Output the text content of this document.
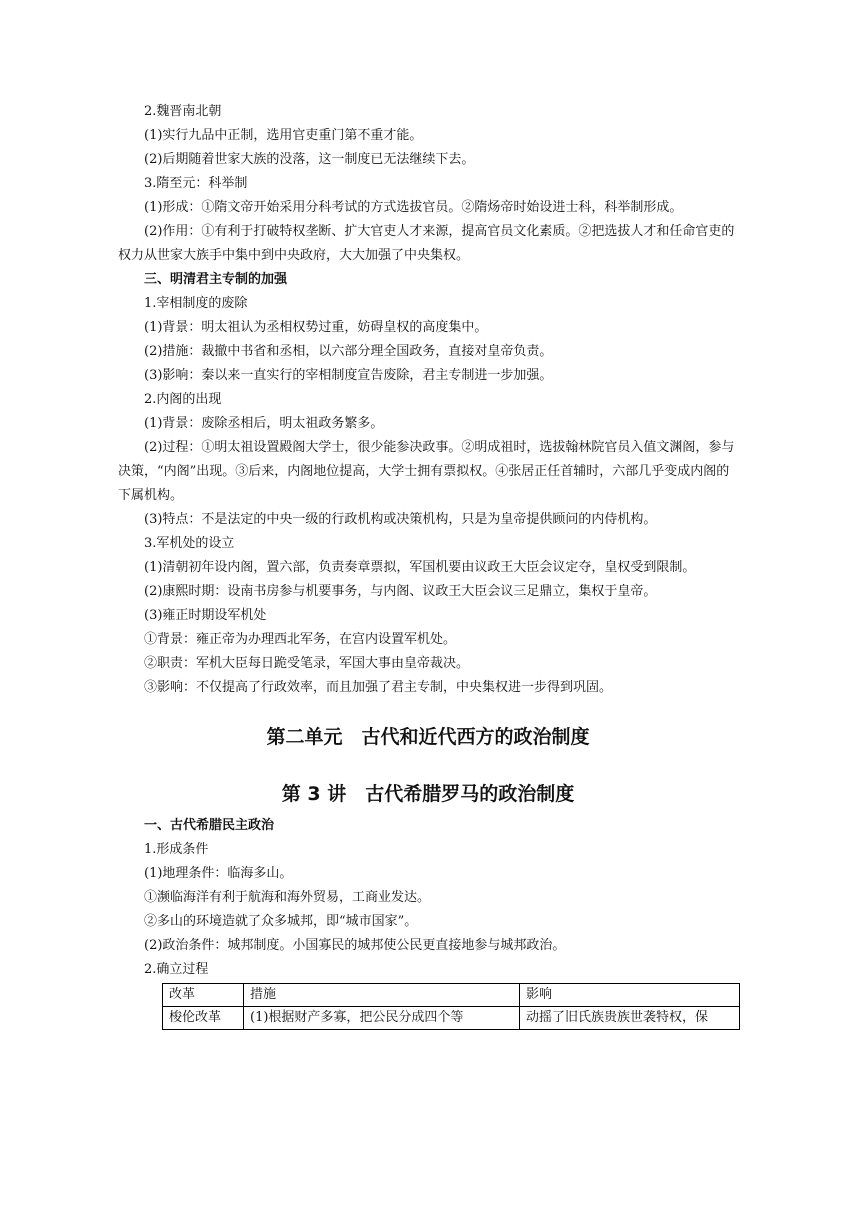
2.魏晋南北朝

(1)实行九品中正制，选用官吏重门第不重才能。

(2)后期随着世家大族的没落，这一制度已无法继续下去。

3.隋至元：科举制

(1)形成：①隋文帝开始采用分科考试的方式选拔官员。②隋炀帝时始设进士科，科举制形成。

(2)作用：①有利于打破特权垄断、扩大官吏人才来源，提高官员文化素质。②把选拔人才和任命官吏的权力从世家大族手中集中到中央政府，大大加强了中央集权。

三、明清君主专制的加强

1.宰相制度的废除

(1)背景：明太祖认为丞相权势过重，妨碍皇权的高度集中。

(2)措施：裁撤中书省和丞相，以六部分理全国政务，直接对皇帝负责。

(3)影响：秦以来一直实行的宰相制度宣告废除，君主专制进一步加强。

2.内阁的出现

(1)背景：废除丞相后，明太祖政务繁多。

(2)过程：①明太祖设置殿阁大学士，很少能参决政事。②明成祖时，选拔翰林院官员入值文渊阁，参与决策，“内阁”出现。③后来，内阁地位提高，大学士拥有票拟权。④张居正任首辅时，六部几乎变成内阁的下属机构。

(3)特点：不是法定的中央一级的行政机构或决策机构，只是为皇帝提供顾问的内侍机构。

3.军机处的设立

(1)清朝初年设内阁，置六部，负责奏章票拟，军国机要由议政王大臣会议定夺，皇权受到限制。

(2)康熙时期：设南书房参与机要事务，与内阁、议政王大臣会议三足鼎立，集权于皇帝。

(3)雍正时期设军机处

①背景：雍正帝为办理西北军务，在宫内设置军机处。

②职责：军机大臣每日跪受笔录，军国大事由皇帝裁决。

③影响：不仅提高了行政效率，而且加强了君主专制，中央集权进一步得到巩固。

第二单元　古代和近代西方的政治制度

第 3 讲　古代希腊罗马的政治制度

一、古代希腊民主政治

1.形成条件

(1)地理条件：临海多山。

①濒临海洋有利于航海和海外贸易，工商业发达。

②多山的环境造就了众多城邦，即“城市国家”。

(2)政治条件：城邦制度。小国寡民的城邦使公民更直接地参与城邦政治。

2.确立过程

改革	措施	影响
梭伦改革	(1)根据财产多寡，把公民分成四个等	动摇了旧氏族贵族世袭特权，保
